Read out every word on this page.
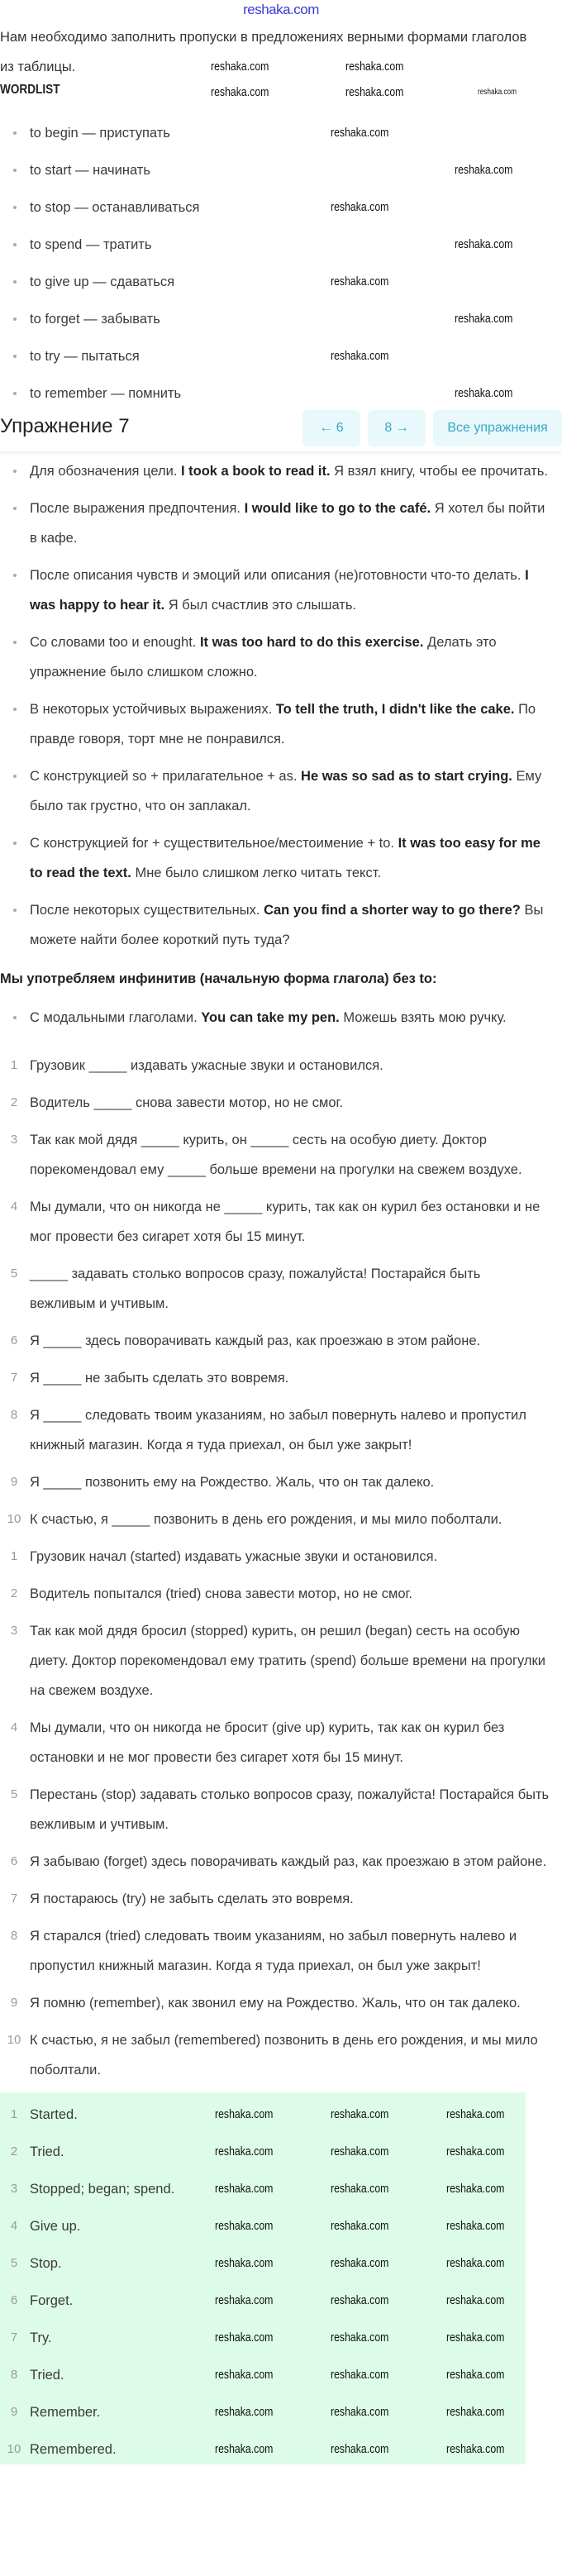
reshaka.com
Нам необходимо заполнить пропуски в предложениях верными формами глаголов из таблицы.
WORDLIST
reshaka.com	reshaka.com
reshaka.com	reshaka.com	reshaka.com
to begin — приступать	reshaka.com
to start — начинать	reshaka.com
to stop — останавливаться	reshaka.com
to spend — тратить	reshaka.com
to give up — сдаваться	reshaka.com
to forget — забывать	reshaka.com
to try — пытаться	reshaka.com
to remember — помнить	reshaka.com
Упражнение 7	← 6	8 →	Все упражнения
Для обозначения цели. I took a book to read it. Я взял книгу, чтобы ее прочитать.
После выражения предпочтения. I would like to go to the café. Я хотел бы пойти в кафе.
После описания чувств и эмоций или описания (не)готовности что-то делать. I was happy to hear it. Я был счастлив это слышать.
Со словами too и enought. It was too hard to do this exercise. Делать это упражнение было слишком сложно.
В некоторых устойчивых выражениях. To tell the truth, I didn't like the cake. По правде говоря, торт мне не понравился.
С конструкцией so + прилагательное + as. He was so sad as to start crying. Ему было так грустно, что он заплакал.
С конструкцией for + существительное/местоимение + to. It was too easy for me to read the text. Мне было слишком легко читать текст.
После некоторых существительных. Can you find a shorter way to go there? Вы можете найти более короткий путь туда?
Мы употребляем инфинитив (начальную форма глагола) без to:
С модальными глаголами. You can take my pen. Можешь взять мою ручку.
1 Грузовик _____ издавать ужасные звуки и остановился.
2 Водитель _____ снова завести мотор, но не смог.
3 Так как мой дядя _____ курить, он _____ сесть на особую диету. Доктор порекомендовал ему _____ больше времени на прогулки на свежем воздухе.
4 Мы думали, что он никогда не _____ курить, так как он курил без остановки и не мог провести без сигарет хотя бы 15 минут.
5 _____ задавать столько вопросов сразу, пожалуйста! Постарайся быть вежливым и учтивым.
6 Я _____ здесь поворачивать каждый раз, как проезжаю в этом районе.
7 Я _____ не забыть сделать это вовремя.
8 Я _____ следовать твоим указаниям, но забыл повернуть налево и пропустил книжный магазин. Когда я туда приехал, он был уже закрыт!
9 Я _____ позвонить ему на Рождество. Жаль, что он так далеко.
10 К счастью, я _____ позвонить в день его рождения, и мы мило поболтали.
1 Грузовик начал (started) издавать ужасные звуки и остановился.
2 Водитель попытался (tried) снова завести мотор, но не смог.
3 Так как мой дядя бросил (stopped) курить, он решил (began) сесть на особую диету. Доктор порекомендовал ему тратить (spend) больше времени на прогулки на свежем воздухе.
4 Мы думали, что он никогда не бросит (give up) курить, так как он курил без остановки и не мог провести без сигарет хотя бы 15 минут.
5 Перестань (stop) задавать столько вопросов сразу, пожалуйста! Постарайся быть вежливым и учтивым.
6 Я забываю (forget) здесь поворачивать каждый раз, как проезжаю в этом районе.
7 Я постараюсь (try) не забыть сделать это вовремя.
8 Я старался (tried) следовать твоим указаниям, но забыл повернуть налево и пропустил книжный магазин. Когда я туда приехал, он был уже закрыт!
9 Я помню (remember), как звонил ему на Рождество. Жаль, что он так далеко.
10 К счастью, я не забыл (remembered) позвонить в день его рождения, и мы мило поболтали.
1 Started.	reshaka.com	reshaka.com	reshaka.com
2 Tried.	reshaka.com	reshaka.com	reshaka.com
3 Stopped; began; spend.	reshaka.com	reshaka.com	reshaka.com
4 Give up.	reshaka.com	reshaka.com	reshaka.com
5 Stop.	reshaka.com	reshaka.com	reshaka.com
6 Forget.	reshaka.com	reshaka.com	reshaka.com
7 Try.	reshaka.com	reshaka.com	reshaka.com
8 Tried.	reshaka.com	reshaka.com	reshaka.com
9 Remember.	reshaka.com	reshaka.com	reshaka.com
10 Remembered.	reshaka.com	reshaka.com	reshaka.com
